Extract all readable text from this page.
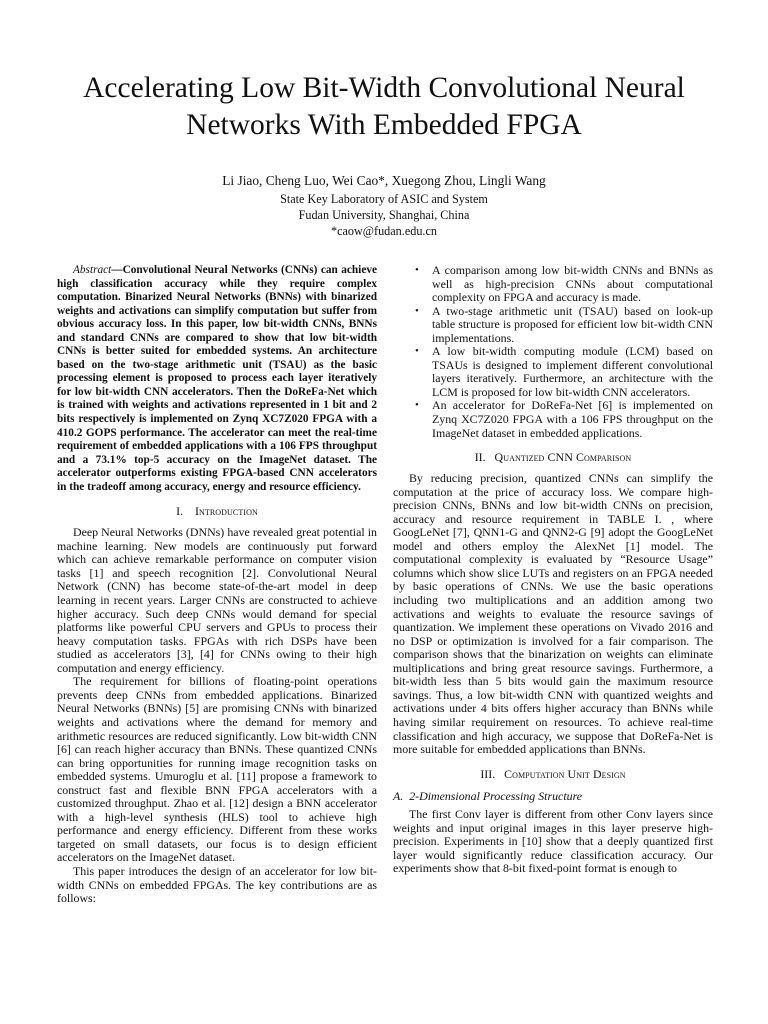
Accelerating Low Bit-Width Convolutional Neural
Networks With Embedded FPGA
Li Jiao, Cheng Luo, Wei Cao*, Xuegong Zhou, Lingli Wang
State Key Laboratory of ASIC and System
Fudan University, Shanghai, China
*caow@fudan.edu.cn

Abstract—Convolutional Neural Networks (CNNs) can achieve high classification accuracy while they require complex computation. Binarized Neural Networks (BNNs) with binarized weights and activations can simplify computation but suffer from obvious accuracy loss. In this paper, low bit-width CNNs, BNNs and standard CNNs are compared to show that low bit-width CNNs is better suited for embedded systems. An architecture based on the two-stage arithmetic unit (TSAU) as the basic processing element is proposed to process each layer iteratively for low bit-width CNN accelerators. Then the DoReFa-Net which is trained with weights and activations represented in 1 bit and 2 bits respectively is implemented on Zynq XC7Z020 FPGA with a 410.2 GOPS performance. The accelerator can meet the real-time requirement of embedded applications with a 106 FPS throughput and a 73.1% top-5 accuracy on the ImageNet dataset. The accelerator outperforms existing FPGA-based CNN accelerators in the tradeoff among accuracy, energy and resource efficiency.

I. Introduction

Deep Neural Networks (DNNs) have revealed great potential in machine learning. New models are continuously put forward which can achieve remarkable performance on computer vision tasks [1] and speech recognition [2]. Convolutional Neural Network (CNN) has become state-of-the-art model in deep learning in recent years. Larger CNNs are constructed to achieve higher accuracy. Such deep CNNs would demand for special platforms like powerful CPU servers and GPUs to process their heavy computation tasks. FPGAs with rich DSPs have been studied as accelerators [3], [4] for CNNs owing to their high computation and energy efficiency.

The requirement for billions of floating-point operations prevents deep CNNs from embedded applications. Binarized Neural Networks (BNNs) [5] are promising CNNs with binarized weights and activations where the demand for memory and arithmetic resources are reduced significantly. Low bit-width CNN [6] can reach higher accuracy than BNNs. These quantized CNNs can bring opportunities for running image recognition tasks on embedded systems. Umuroglu et al. [11] propose a framework to construct fast and flexible BNN FPGA accelerators with a customized throughput. Zhao et al. [12] design a BNN accelerator with a high-level synthesis (HLS) tool to achieve high performance and energy efficiency. Different from these works targeted on small datasets, our focus is to design efficient accelerators on the ImageNet dataset.

This paper introduces the design of an accelerator for low bit-width CNNs on embedded FPGAs. The key contributions are as follows:

• A comparison among low bit-width CNNs and BNNs as well as high-precision CNNs about computational complexity on FPGA and accuracy is made.
• A two-stage arithmetic unit (TSAU) based on look-up table structure is proposed for efficient low bit-width CNN implementations.
• A low bit-width computing module (LCM) based on TSAUs is designed to implement different convolutional layers iteratively. Furthermore, an architecture with the LCM is proposed for low bit-width CNN accelerators.
• An accelerator for DoReFa-Net [6] is implemented on Zynq XC7Z020 FPGA with a 106 FPS throughput on the ImageNet dataset in embedded applications.
II. Quantized CNN Comparison

By reducing precision, quantized CNNs can simplify the computation at the price of accuracy loss. We compare high-precision CNNs, BNNs and low bit-width CNNs on precision, accuracy and resource requirement in TABLE I. , where GoogLeNet [7], QNN1-G and QNN2-G [9] adopt the GoogLeNet model and others employ the AlexNet [1] model. The computational complexity is evaluated by “Resource Usage” columns which show slice LUTs and registers on an FPGA needed by basic operations of CNNs. We use the basic operations including two multiplications and an addition among two activations and weights to evaluate the resource savings of quantization. We implement these operations on Vivado 2016 and no DSP or optimization is involved for a fair comparison. The comparison shows that the binarization on weights can eliminate multiplications and bring great resource savings. Furthermore, a bit-width less than 5 bits would gain the maximum resource savings. Thus, a low bit-width CNN with quantized weights and activations under 4 bits offers higher accuracy than BNNs while having similar requirement on resources. To achieve real-time classification and high accuracy, we suppose that DoReFa-Net is more suitable for embedded applications than BNNs.

III. Computation Unit Design
A. 2-Dimensional Processing Structure

The first Conv layer is different from other Conv layers since weights and input original images in this layer preserve high-precision. Experiments in [10] show that a deeply quantized first layer would significantly reduce classification accuracy. Our experiments show that 8-bit fixed-point format is enough to
